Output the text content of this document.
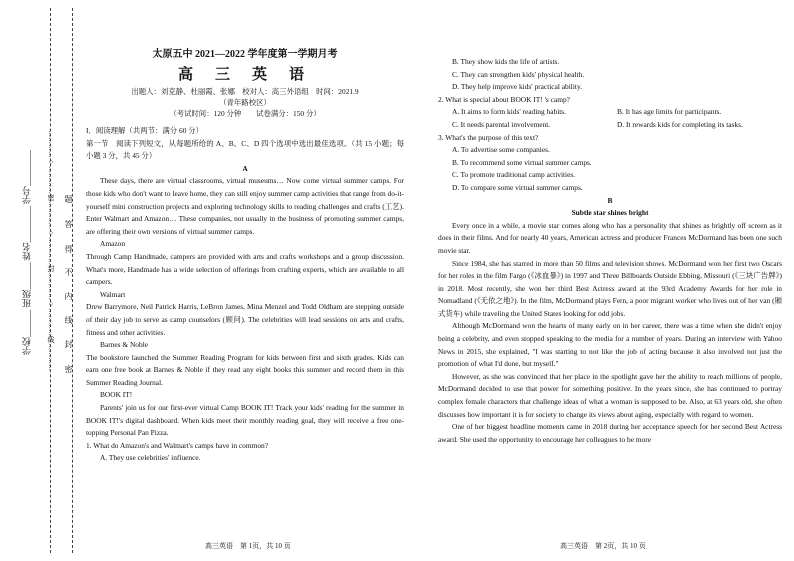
学校______ 班级______ 姓名________ 学号________ …………○…………密…………○…………封…………○…………线………… 题
答
得
不
内
线
封
密

太原五中 2021—2022 学年度第一学期月考

高三英语

出题人：刘克静、杜丽霞、张娜　校对人：高三外语组　时间：2021.9

（青年路校区）

（考试时间：120 分钟　　试卷满分：150 分）

I．阅读理解（共两节：满分 60 分）

第一节　阅读下列短文，从每题所给的 A、B、C、D 四个选项中选出最佳选项。（共 15 小题；每小题 3 分，共 45 分）

A

These days, there are virtual classrooms, virtual museums… Now come virtual summer camps. For those kids who don't want to leave home, they can still enjoy summer camp activities that range from do-it-yourself mini construction projects and exploring technology skills to reading challenges and crafts (工艺). Enter Walmart and Amazon… These companies, not usually in the business of promoting summer camps, are offering their own versions of virtual summer camps.

Amazon

Through Camp Handmade, campers are provided with arts and crafts workshops and a group discussion. What's more, Handmade has a wide selection of offerings from crafting experts, which are available to all campers.

Walmart

Drew Barrymore, Neil Patrick Harris, LeBron James, Mina Menzel and Todd Oldham are stepping outside of their day job to serve as camp counselors (顾问). The celebrities will lead sessions on arts and crafts, fitness and other activities.

Barnes & Noble

The bookstore launched the Summer Reading Program for kids between first and sixth grades. Kids can earn one free book at Barnes & Noble if they read any eight books this summer and record them in this Summer Reading Journal.

BOOK IT!

Parents' join us for our first-ever virtual Camp BOOK IT! Track your kids' reading for the summer in BOOK IT!'s digital dashboard. When kids meet their monthly reading goal, they will receive a free one-topping Personal Pan Pizza.

1. What do Amazon's and Walmart's camps have in common?

A. They use celebrities' influence.

B. They show kids the life of artists.

C. They can strengthen kids' physical health.

D. They help improve kids' practical ability.

2. What is special about BOOK IT! 's camp?

A. It aims to form kids' reading habits.	B. It has age limits for participants.
C. It needs parental involvement.	D. It rewards kids for completing its tasks.

3. What's the purpose of this text?

A. To advertise some companies.

B. To recommend some virtual summer camps.

C. To promote traditional camp activities.

D. To compare some virtual summer camps.

B

Subtle star shines bright

Every once in a while, a movie star comes along who has a personality that shines as brightly off screen as it does in their films. And for nearly 40 years, American actress and producer Frances McDormand has been one such movie star.

Since 1984, she has starred in more than 50 films and television shows. McDormand won her first two Oscars for her roles in the film Fargo (《冰血暴》) in 1997 and Three Billboards Outside Ebbing, Missouri (《三块广告牌》) in 2018. Most recently, she won her third Best Actress award at the 93rd Academy Awards for her role in Nomadland (《无依之地》). In the film, McDormand plays Fern, a poor migrant worker who lives out of her van (厢式货车) while traveling the United States looking for odd jobs.

Although McDormand won the hearts of many early on in her career, there was a time when she didn't enjoy being a celebrity, and even stopped speaking to the media for a number of years. During an interview with Yahoo News in 2015, she explained, "I was starting to not like the job of acting because it also involved not just the promotion of what I'd done, but myself."

However, as she was convinced that her place in the spotlight gave her the ability to reach millions of people, McDormand decided to use that power for something positive. In the years since, she has continued to portray complex female characters that challenge ideas of what a woman is supposed to be. Also, at 63 years old, she often discusses how important it is for society to change its views about aging, especially with regard to women.

One of her biggest headline moments came in 2018 during her acceptance speech for her second Best Actress award. She used the opportunity to encourage her colleagues to be more

高三英语　第 1页，共 10 页	高三英语　第 2页，共 10 页
